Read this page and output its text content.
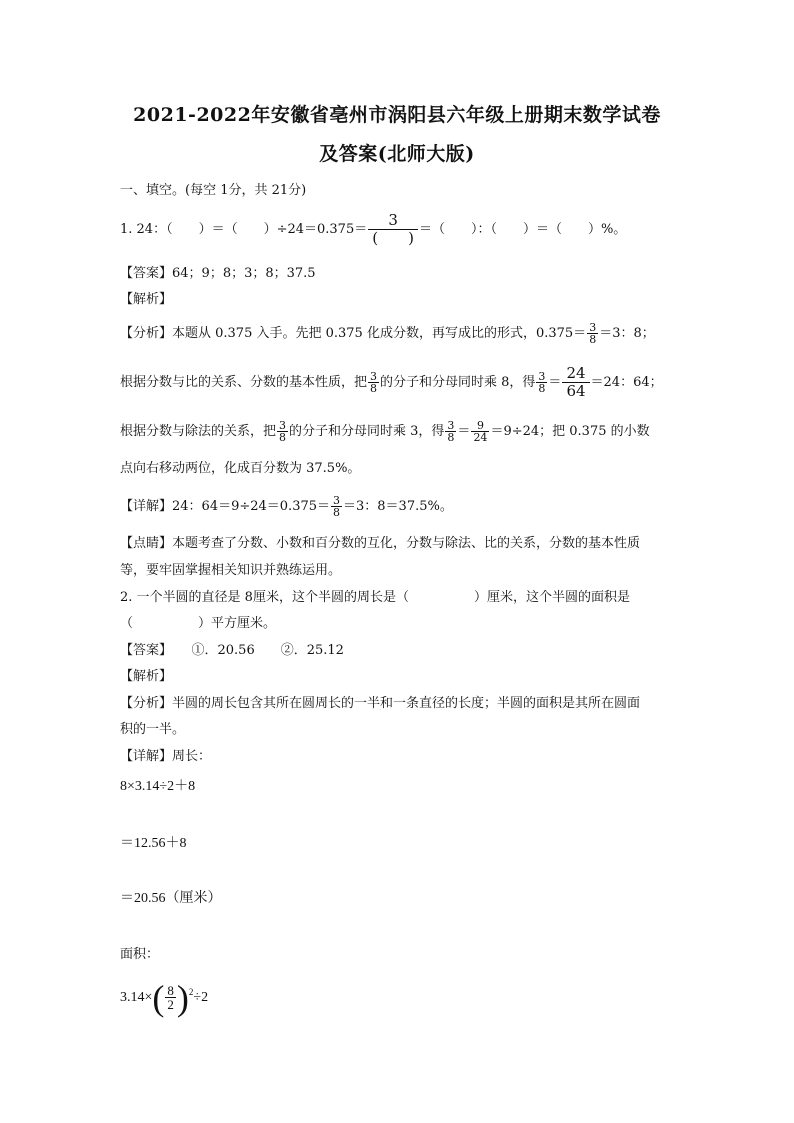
2021-2022年安徽省亳州市涡阳县六年级上册期末数学试卷
及答案(北师大版)
一、填空。(每空 1分，共 21分)
1. 24：（　　）＝（　　）$\div 24=0.375= \frac{3}{( )}$ ＝（　　）：（　　）＝（　　）%。
【答案】64；9；8；3；8；37.5
【解析】
【分析】本题从 0.375 入手。先把 0.375 化成分数，再写成比的形式，$0.375= \frac{3}{8} =3$：8；
根据分数与比的关系、分数的基本性质，把 $\frac{3}{8}$ 的分子和分母同时乘 8，得 $\frac{3}{8} = \frac{24}{64} =24$：64；
根据分数与除法的关系，把 $\frac{3}{8}$ 的分子和分母同时乘 3，得 $\frac{3}{8} = \frac{9}{24} =9\div 24$；把 0.375 的小数
点向右移动两位，化成百分数为 37.5%。
【详解】24：$64=9\div 24=0.375= \frac{3}{8} =3$：8＝37.5%。
【点睛】本题考查了分数、小数和百分数的互化，分数与除法、比的关系，分数的基本性质
等，要牢固掌握相关知识并熟练运用。
2. 一个半圆的直径是 8厘米，这个半圆的周长是（　　　　　）厘米，这个半圆的面积是
（　　　　　）平方厘米。
【答案】　　①．20.56　　②．25.12
【解析】
【分析】半圆的周长包含其所在圆周长的一半和一条直径的长度；半圆的面积是其所在圆面
积的一半。
【详解】周长：
8×3.14÷2＋8
＝12.56＋8
＝20.56（厘米）
面积：
$3.14\times( \frac{8}{2} )^2\div 2$
